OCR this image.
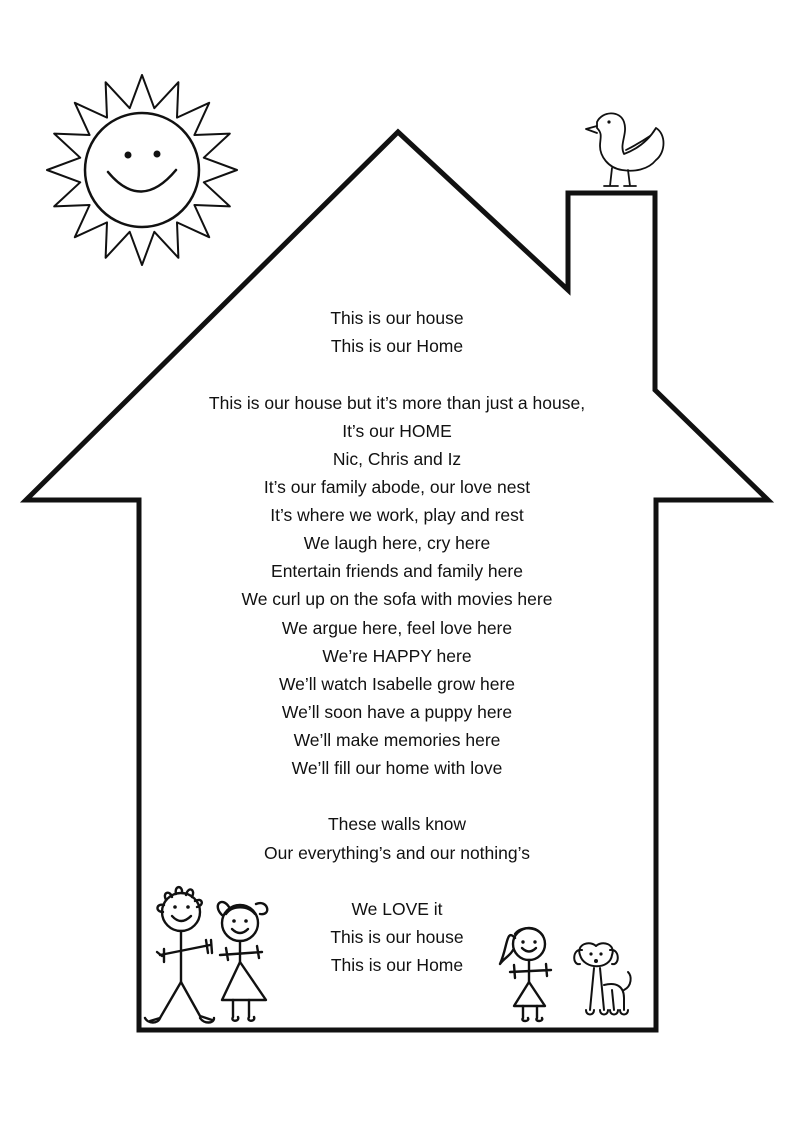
This is our house
This is our Home
This is our house but it’s more than just a house,
It’s our HOME
Nic, Chris and Iz
It’s our family abode, our love nest
It’s where we work, play and rest
We laugh here, cry here
Entertain friends and family here
We curl up on the sofa with movies here
We argue here, feel love here
We’re HAPPY here
We’ll watch Isabelle grow here
We’ll soon have a puppy here
We’ll make memories here
We’ll fill our home with love
These walls know
Our everything’s and our nothing’s
We LOVE it
This is our house
This is our Home
